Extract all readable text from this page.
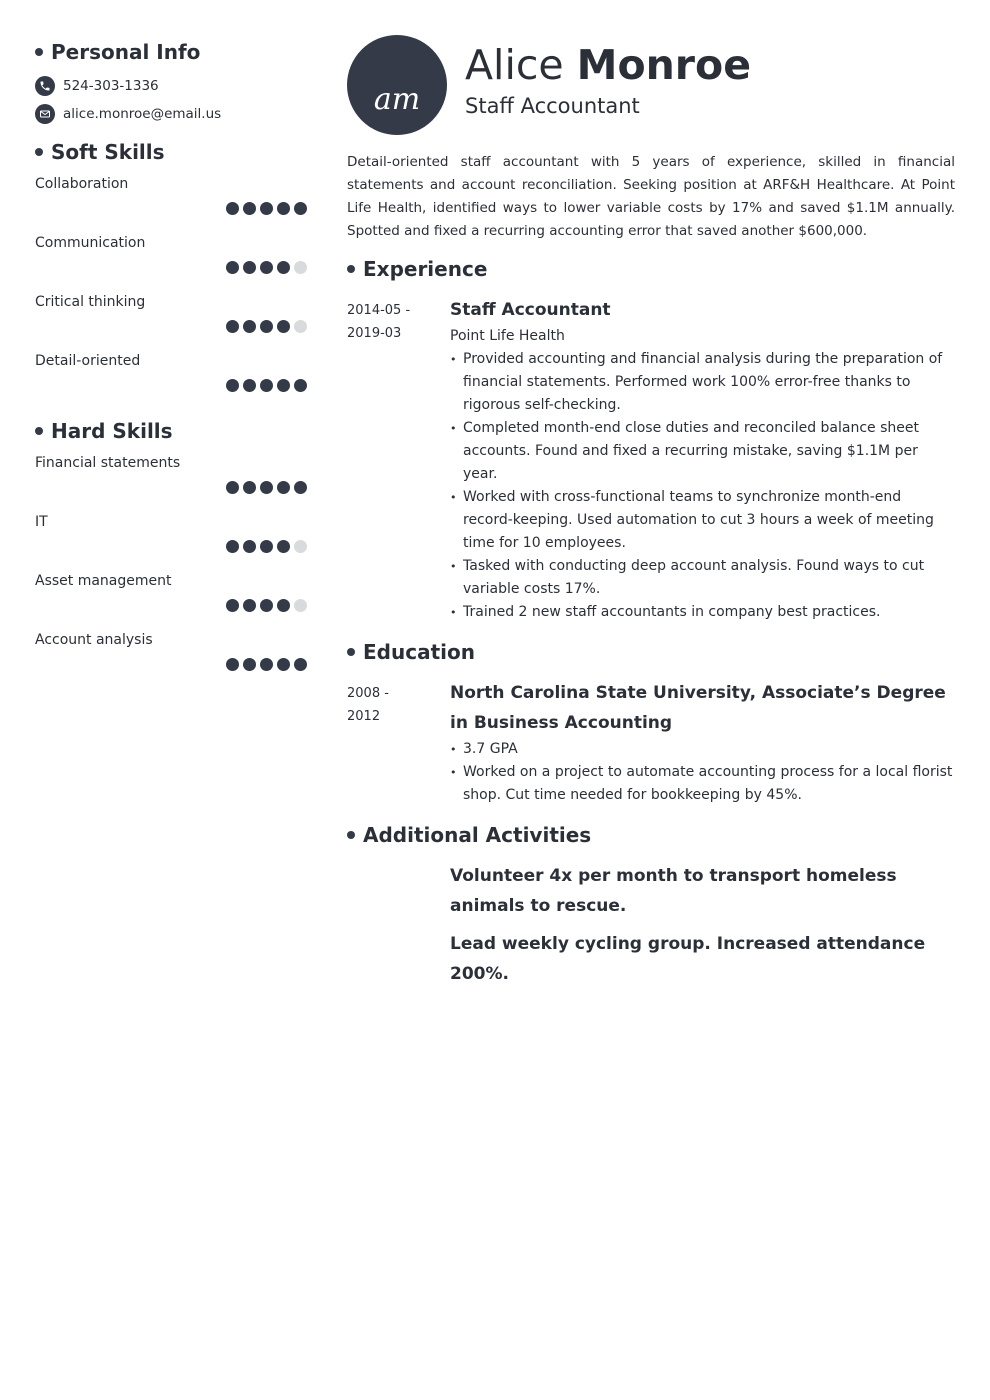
Personal Info
524-303-1336
alice.monroe@email.us
Soft Skills
Collaboration
Communication
Critical thinking
Detail-oriented
Hard Skills
Financial statements
IT
Asset management
Account analysis
am
Alice Monroe
Staff Accountant

Detail-oriented staff accountant with 5 years of experience, skilled in financial statements and account reconciliation. Seeking position at ARF&H Healthcare. At Point Life Health, identified ways to lower variable costs by 17% and saved $1.1M annually. Spotted and fixed a recurring accounting error that saved another $600,000.

Experience
2014-05 -
2019-03
Staff Accountant
Point Life Health
• Provided accounting and financial analysis during the preparation of financial statements. Performed work 100% error-free thanks to rigorous self-checking.
• Completed month-end close duties and reconciled balance sheet accounts. Found and fixed a recurring mistake, saving $1.1M per year.
• Worked with cross-functional teams to synchronize month-end record-keeping. Used automation to cut 3 hours a week of meeting time for 10 employees.
• Tasked with conducting deep account analysis. Found ways to cut variable costs 17%.
• Trained 2 new staff accountants in company best practices.
Education
2008 -
2012
North Carolina State University, Associate’s Degree in Business Accounting
• 3.7 GPA
• Worked on a project to automate accounting process for a local florist shop. Cut time needed for bookkeeping by 45%.
Additional Activities
Volunteer 4x per month to transport homeless animals to rescue.
Lead weekly cycling group. Increased attendance 200%.
